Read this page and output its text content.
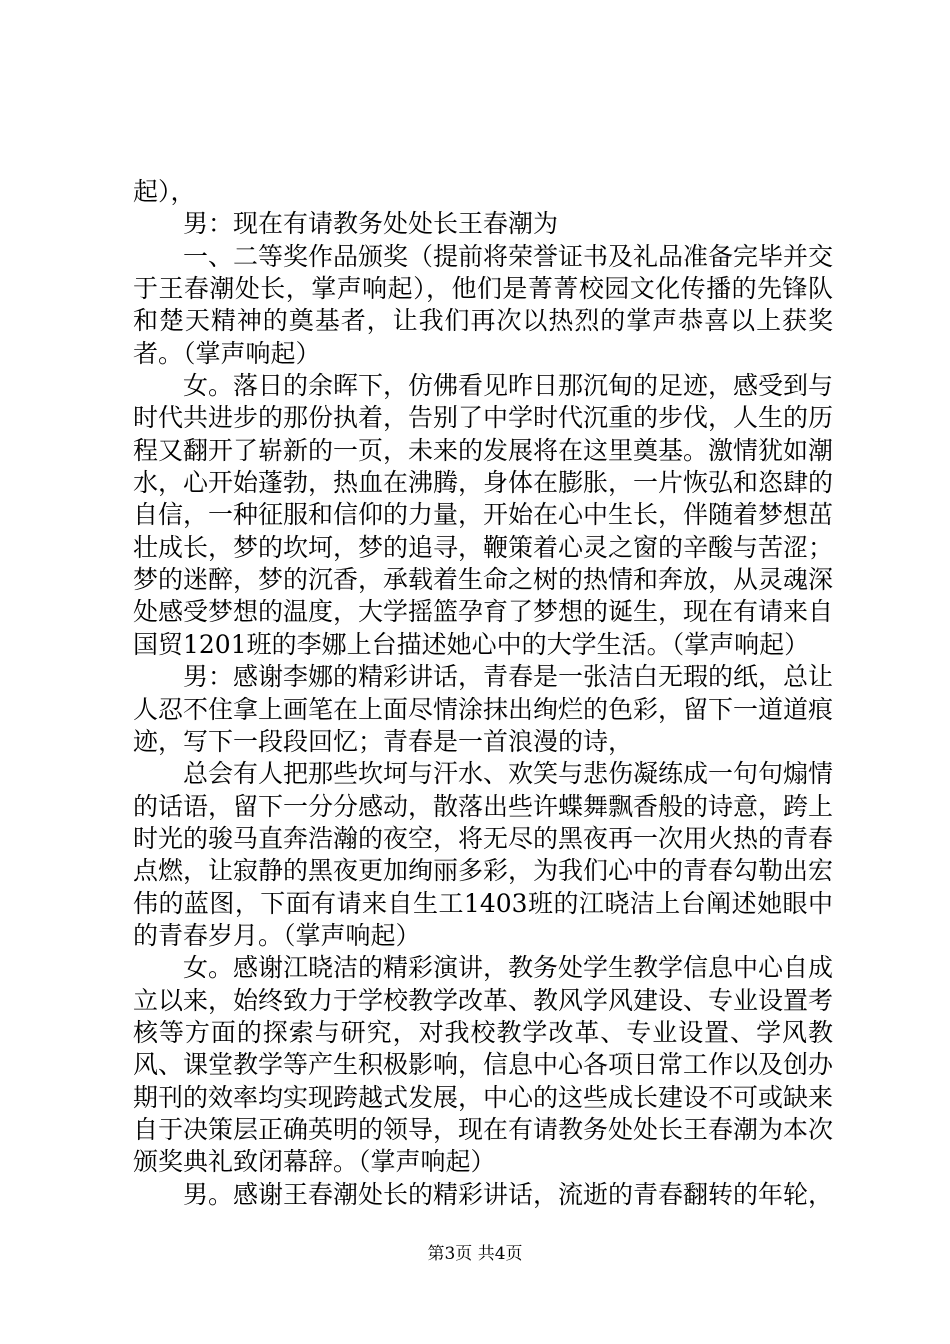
起），

男：现在有请教务处处长王春潮为

一、二等奖作品颁奖（提前将荣誉证书及礼品准备完毕并交于王春潮处长，掌声响起），他们是菁菁校园文化传播的先锋队和楚天精神的奠基者，让我们再次以热烈的掌声恭喜以上获奖者。（掌声响起）

女。落日的余晖下，仿佛看见昨日那沉甸的足迹，感受到与时代共进步的那份执着，告别了中学时代沉重的步伐，人生的历程又翻开了崭新的一页，未来的发展将在这里奠基。激情犹如潮水，心开始蓬勃，热血在沸腾，身体在膨胀，一片恢弘和恣肆的自信，一种征服和信仰的力量，开始在心中生长，伴随着梦想茁壮成长，梦的坎坷，梦的追寻，鞭策着心灵之窗的辛酸与苦涩；梦的迷醉，梦的沉香，承载着生命之树的热情和奔放，从灵魂深处感受梦想的温度，大学摇篮孕育了梦想的诞生，现在有请来自国贸1201班的李娜上台描述她心中的大学生活。（掌声响起）

男：感谢李娜的精彩讲话，青春是一张洁白无瑕的纸，总让人忍不住拿上画笔在上面尽情涂抹出绚烂的色彩，留下一道道痕迹，写下一段段回忆；青春是一首浪漫的诗，

总会有人把那些坎坷与汗水、欢笑与悲伤凝练成一句句煽情的话语，留下一分分感动，散落出些许蝶舞飘香般的诗意，跨上时光的骏马直奔浩瀚的夜空，将无尽的黑夜再一次用火热的青春点燃，让寂静的黑夜更加绚丽多彩，为我们心中的青春勾勒出宏伟的蓝图，下面有请来自生工1403班的江晓洁上台阐述她眼中的青春岁月。（掌声响起）

女。感谢江晓洁的精彩演讲，教务处学生教学信息中心自成立以来，始终致力于学校教学改革、教风学风建设、专业设置考核等方面的探索与研究，对我校教学改革、专业设置、学风教风、课堂教学等产生积极影响，信息中心各项日常工作以及创办期刊的效率均实现跨越式发展，中心的这些成长建设不可或缺来自于决策层正确英明的领导，现在有请教务处处长王春潮为本次颁奖典礼致闭幕辞。（掌声响起）

男。感谢王春潮处长的精彩讲话，流逝的青春翻转的年轮，

第3页 共4页
